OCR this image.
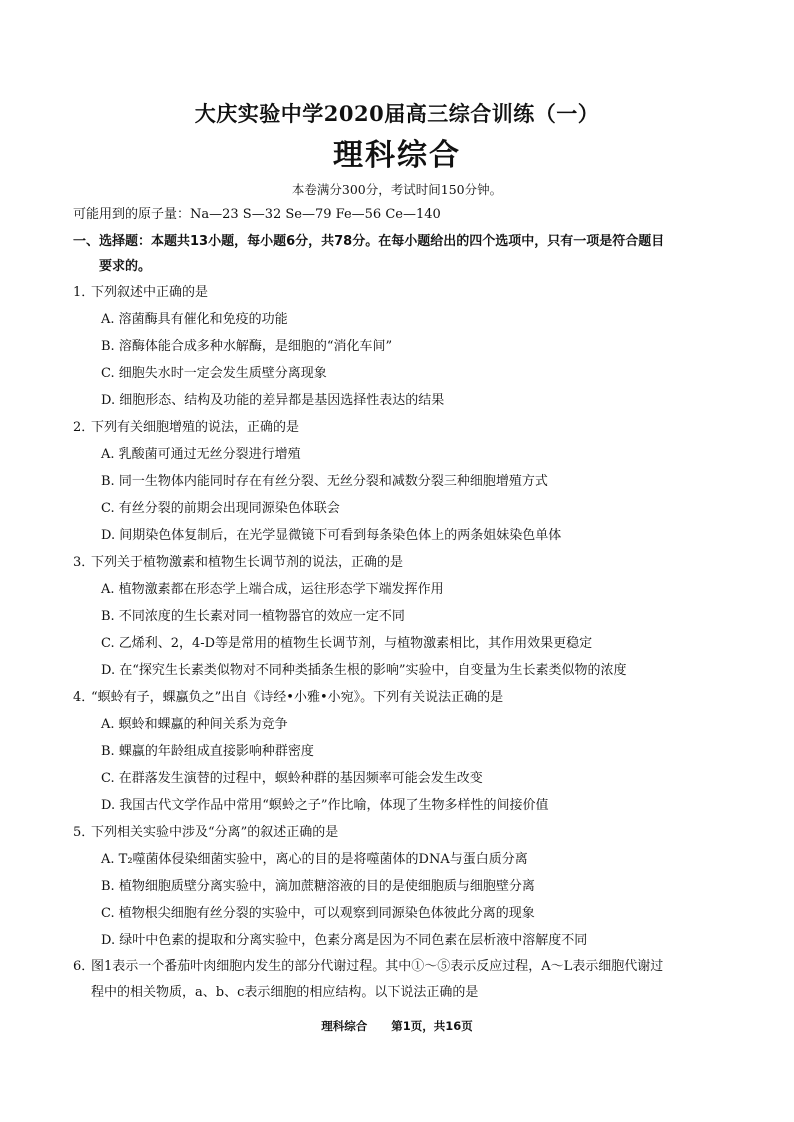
大庆实验中学2020届高三综合训练（一）
理科综合
本卷满分300分，考试时间150分钟。
可能用到的原子量：Na—23 S—32 Se—79 Fe—56 Ce—140
一、选择题：本题共13小题，每小题6分，共78分。在每小题给出的四个选项中，只有一项是符合题目
要求的。
1．下列叙述中正确的是
A. 溶菌酶具有催化和免疫的功能
B. 溶酶体能合成多种水解酶，是细胞的“消化车间”
C. 细胞失水时一定会发生质壁分离现象
D. 细胞形态、结构及功能的差异都是基因选择性表达的结果
2．下列有关细胞增殖的说法，正确的是
A. 乳酸菌可通过无丝分裂进行增殖
B. 同一生物体内能同时存在有丝分裂、无丝分裂和减数分裂三种细胞增殖方式
C. 有丝分裂的前期会出现同源染色体联会
D. 间期染色体复制后，在光学显微镜下可看到每条染色体上的两条姐妹染色单体
3．下列关于植物激素和植物生长调节剂的说法，正确的是
A. 植物激素都在形态学上端合成，运往形态学下端发挥作用
B. 不同浓度的生长素对同一植物器官的效应一定不同
C. 乙烯利、2，4-D等是常用的植物生长调节剂，与植物激素相比，其作用效果更稳定
D. 在“探究生长素类似物对不同种类插条生根的影响”实验中，自变量为生长素类似物的浓度
4．“螟蛉有子，蜾蠃负之”出自《诗经•小雅•小宛》。下列有关说法正确的是
A. 螟蛉和蜾蠃的种间关系为竞争
B. 蜾蠃的年龄组成直接影响种群密度
C. 在群落发生演替的过程中，螟蛉种群的基因频率可能会发生改变
D. 我国古代文学作品中常用“螟蛉之子”作比喻，体现了生物多样性的间接价值
5．下列相关实验中涉及“分离”的叙述正确的是
A. T₂噬菌体侵染细菌实验中，离心的目的是将噬菌体的DNA与蛋白质分离
B. 植物细胞质壁分离实验中，滴加蔗糖溶液的目的是使细胞质与细胞壁分离
C. 植物根尖细胞有丝分裂的实验中，可以观察到同源染色体彼此分离的现象
D. 绿叶中色素的提取和分离实验中，色素分离是因为不同色素在层析液中溶解度不同
6．图1表示一个番茄叶肉细胞内发生的部分代谢过程。其中①～⑤表示反应过程，A～L表示细胞代谢过
程中的相关物质，a、b、c表示细胞的相应结构。以下说法正确的是
理科综合 第1页，共16页
